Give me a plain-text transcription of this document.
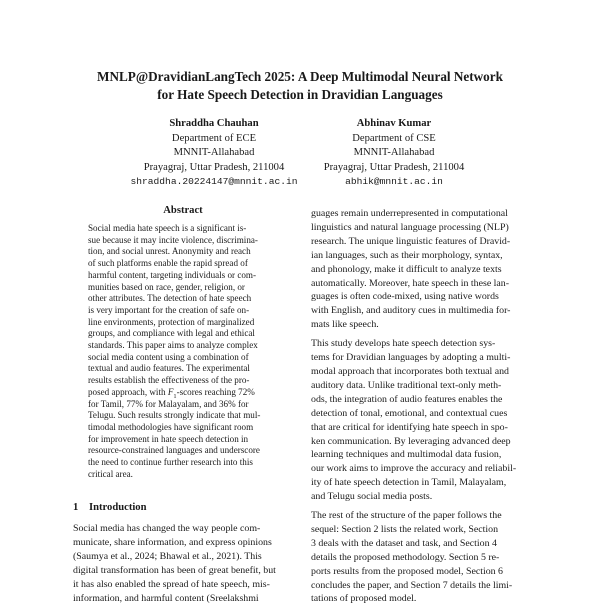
MNLP@DravidianLangTech 2025: A Deep Multimodal Neural Network
for Hate Speech Detection in Dravidian Languages
Shraddha Chauhan
Department of ECE
MNNIT-Allahabad
Prayagraj, Uttar Pradesh, 211004
shraddha.20224147@mnnit.ac.in
Abhinav Kumar
Department of CSE
MNNIT-Allahabad
Prayagraj, Uttar Pradesh, 211004
abhik@mnnit.ac.in
Abstract
Social media hate speech is a significant is-
sue because it may incite violence, discrimina-
tion, and social unrest. Anonymity and reach
of such platforms enable the rapid spread of
harmful content, targeting individuals or com-
munities based on race, gender, religion, or
other attributes. The detection of hate speech
is very important for the creation of safe on-
line environments, protection of marginalized
groups, and compliance with legal and ethical
standards. This paper aims to analyze complex
social media content using a combination of
textual and audio features. The experimental
results establish the effectiveness of the pro-
posed approach, with $F_1$-scores reaching 72%
for Tamil, 77% for Malayalam, and 36% for
Telugu. Such results strongly indicate that mul-
timodal methodologies have significant room
for improvement in hate speech detection in
resource-constrained languages and underscore
the need to continue further research into this
critical area.
1 Introduction
Social media has changed the way people com-
municate, share information, and express opinions
(Saumya et al., 2024; Bhawal et al., 2021). This
digital transformation has been of great benefit, but
it has also enabled the spread of hate speech, mis-
information, and harmful content (Sreelakshmi
guages remain underrepresented in computational
linguistics and natural language processing (NLP)
research. The unique linguistic features of Dravid-
ian languages, such as their morphology, syntax,
and phonology, make it difficult to analyze texts
automatically. Moreover, hate speech in these lan-
guages is often code-mixed, using native words
with English, and auditory cues in multimedia for-
mats like speech.
This study develops hate speech detection sys-
tems for Dravidian languages by adopting a multi-
modal approach that incorporates both textual and
auditory data. Unlike traditional text-only meth-
ods, the integration of audio features enables the
detection of tonal, emotional, and contextual cues
that are critical for identifying hate speech in spo-
ken communication. By leveraging advanced deep
learning techniques and multimodal data fusion,
our work aims to improve the accuracy and reliabil-
ity of hate speech detection in Tamil, Malayalam,
and Telugu social media posts.
The rest of the structure of the paper follows the
sequel: Section 2 lists the related work, Section
3 deals with the dataset and task, and Section 4
details the proposed methodology. Section 5 re-
ports results from the proposed model, Section 6
concludes the paper, and Section 7 details the limi-
tations of proposed model.
